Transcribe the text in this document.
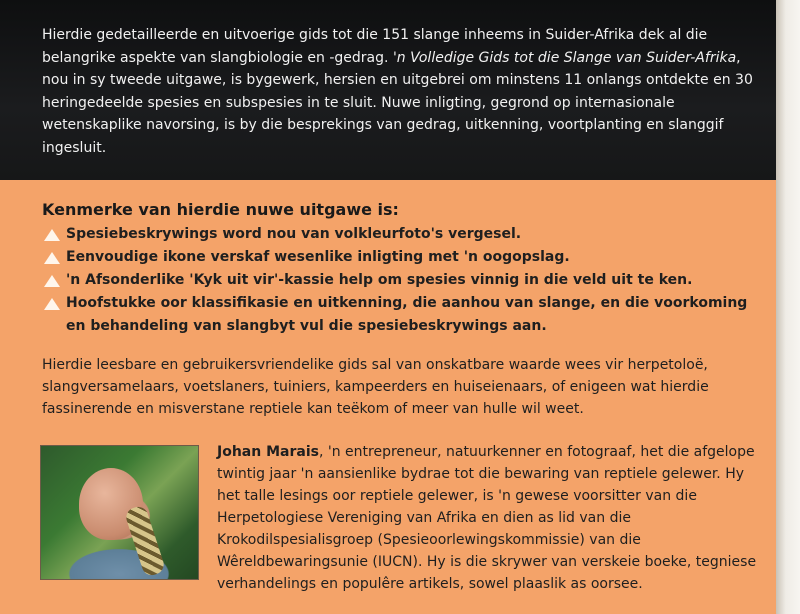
Hierdie gedetailleerde en uitvoerige gids tot die 151 slange inheems in Suider-Afrika dek al die belangrike aspekte van slangbiologie en -gedrag. 'n Volledige Gids tot die Slange van Suider-Afrika, nou in sy tweede uitgawe, is bygewerk, hersien en uitgebrei om minstens 11 onlangs ontdekte en 30 heringedeelde spesies en subspesies in te sluit. Nuwe inligting, gegrond op internasionale wetenskaplike navorsing, is by die besprekings van gedrag, uitkenning, voortplanting en slanggif ingesluit.

Kenmerke van hierdie nuwe uitgawe is:
Spesiebeskrywings word nou van volkleurfoto's vergesel.
Eenvoudige ikone verskaf wesenlike inligting met 'n oogopslag.
'n Afsonderlike 'Kyk uit vir'-kassie help om spesies vinnig in die veld uit te ken.
Hoofstukke oor klassifikasie en uitkenning, die aanhou van slange, en die voorkoming en behandeling van slangbyt vul die spesiebeskrywings aan.

Hierdie leesbare en gebruikersvriendelike gids sal van onskatbare waarde wees vir herpetoloë, slangversamelaars, voetslaners, tuiniers, kampeerders en huiseienaars, of enigeen wat hierdie fassinerende en misverstane reptiele kan teëkom of meer van hulle wil weet.

Johan Marais, 'n entrepreneur, natuurkenner en fotograaf, het die afgelope twintig jaar 'n aansienlike bydrae tot die bewaring van reptiele gelewer. Hy het talle lesings oor reptiele gelewer, is 'n gewese voorsitter van die Herpetologiese Vereniging van Afrika en dien as lid van die Krokodilspesialisgroep (Spesieoorlewingskommissie) van die Wêreldbewaringsunie (IUCN). Hy is die skrywer van verskeie boeke, tegniese verhandelings en populêre artikels, sowel plaaslik as oorsee.
